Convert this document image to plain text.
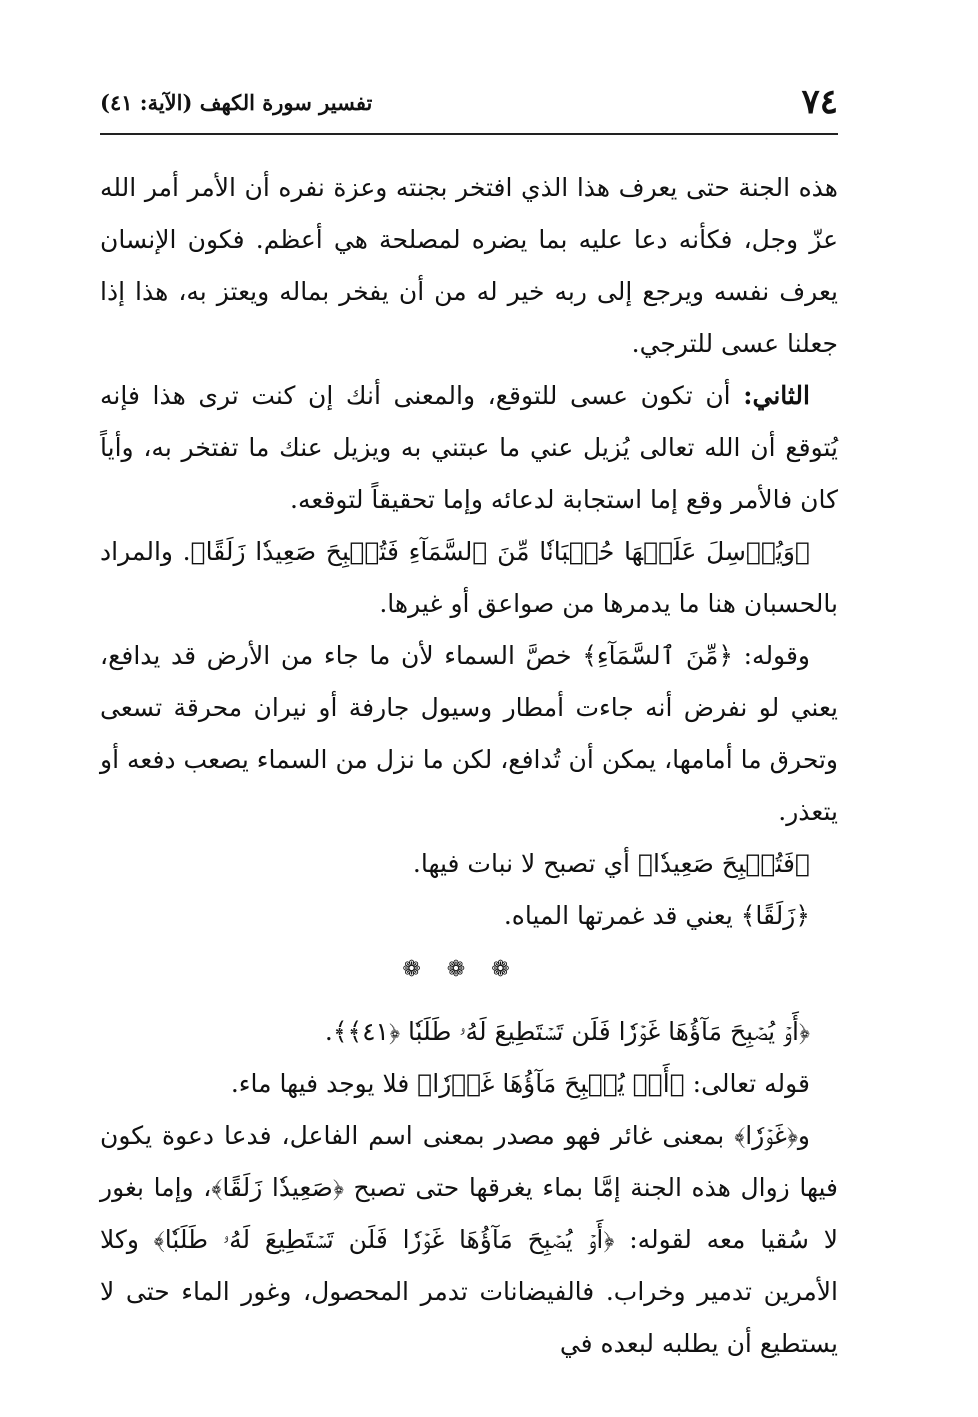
٧٤
تفسير سورة الكهف (الآية: ٤١)

هذه الجنة حتى يعرف هذا الذي افتخر بجنته وعزة نفره أن الأمر أمر الله عزّ وجل، فكأنه دعا عليه بما يضره لمصلحة هي أعظم. فكون الإنسان يعرف نفسه ويرجع إلى ربه خير له من أن يفخر بماله ويعتز به، هذا إذا جعلنا عسى للترجي.

الثاني: أن تكون عسى للتوقع، والمعنى أنك إن كنت ترى هذا فإنه يُتوقع أن الله تعالى يُزيل عني ما عبتني به ويزيل عنك ما تفتخر به، وأياً كان فالأمر وقع إما استجابة لدعائه وإما تحقيقاً لتوقعه.

﴿وَيُرۡسِلَ عَلَيۡهَا حُسۡبَانٗا مِّنَ ٱلسَّمَآءِ فَتُصۡبِحَ صَعِيدٗا زَلَقًا﴾. والمراد بالحسبان هنا ما يدمرها من صواعق أو غيرها.

وقوله: ﴿مِّنَ ٱلسَّمَآءِ﴾ خصَّ السماء لأن ما جاء من الأرض قد يدافع، يعني لو نفرض أنه جاءت أمطار وسيول جارفة أو نيران محرقة تسعى وتحرق ما أمامها، يمكن أن تُدافع، لكن ما نزل من السماء يصعب دفعه أو يتعذر.

﴿فَتُصۡبِحَ صَعِيدٗا﴾ أي تصبح لا نبات فيها.

﴿زَلَقًا﴾ يعني قد غمرتها المياه.

❁❁❁

﴿أَوۡ يُصۡبِحَ مَآؤُهَا غَوۡرٗا فَلَن تَسۡتَطِيعَ لَهُۥ طَلَبٗا ﴿٤١﴾﴾.

قوله تعالى: ﴿أَوۡ يُصۡبِحَ مَآؤُهَا غَوۡرٗا﴾ فلا يوجد فيها ماء.

و﴿غَوۡرٗا﴾ بمعنى غائر فهو مصدر بمعنى اسم الفاعل، فدعا دعوة يكون فيها زوال هذه الجنة إمَّا بماء يغرقها حتى تصبح ﴿صَعِيدٗا زَلَقًا﴾، وإما بغور لا سُقيا معه لقوله: ﴿أَوۡ يُصۡبِحَ مَآؤُهَا غَوۡرٗا فَلَن تَسۡتَطِيعَ لَهُۥ طَلَبٗا﴾ وكلا الأمرين تدمير وخراب. فالفيضانات تدمر المحصول، وغور الماء حتى لا يستطيع أن يطلبه لبعده في
